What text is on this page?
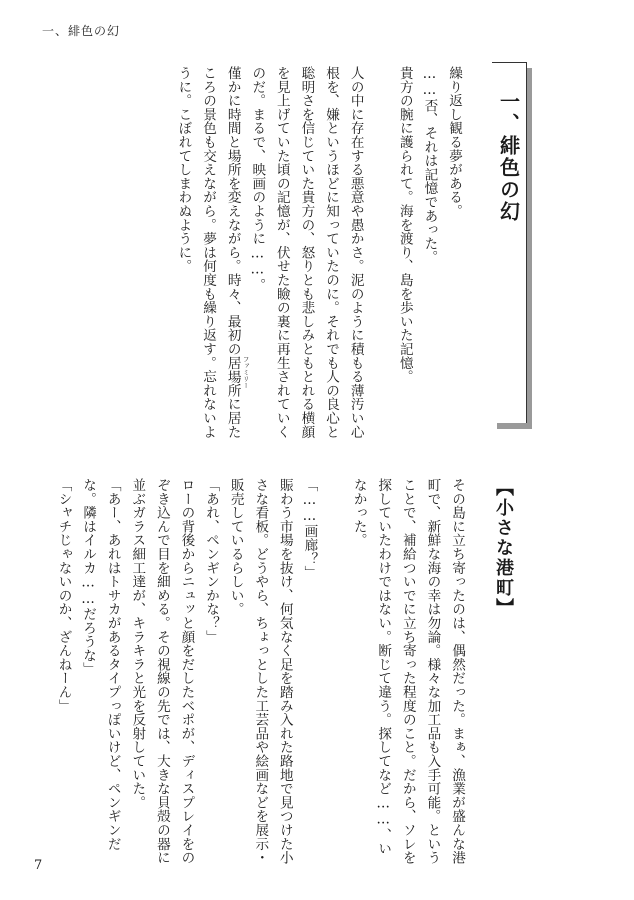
一、緋色の幻
一、緋色の幻

繰り返し観る夢がある。

……否、それは記憶であった。

貴方の腕に護られて。海を渡り、島を歩いた記憶。

人の中に存在する悪意や愚かさ。泥のように積もる薄汚い心根を、嫌というほどに知っていたのに。それでも人の良心と聡明さを信じていた貴方の、怒りとも悲しみともとれる横顔を見上げていた頃の記憶が、伏せた瞼の裏に再生されていくのだ。まるで、映画のように……。

僅かに時間と場所を変えながら。時々、最初の居場所 ファミリー
に居たころの景色も交えながら。夢は何度も繰り返す。忘れないように。こぼれてしまわぬように。

【小さな港町】

その島に立ち寄ったのは、偶然だった。まぁ、漁業が盛んな港町で、新鮮な海の幸は勿論。様々な加工品も入手可能。ということで、補給ついでに立ち寄った程度のこと。だから、ソレを探していたわけではない。断じて違う。探してなど……、いなかった。

「……画廊？」

賑わう市場を抜け、何気なく足を踏み入れた路地で見つけた小さな看板。どうやら、ちょっとした工芸品や絵画などを展示・販売しているらしい。

「あれ、ペンギンかな？」

ローの背後からニュッと顔をだしたベポが、ディスプレイをのぞき込んで目を細める。その視線の先では、大きな貝殻の器に並ぶガラス細工達が、キラキラと光を反射していた。

「あー、あれはトサカがあるタイプっぽいけど、ペンギンだな。隣はイルカ……だろうな」

「シャチじゃないのか、ざんねーん」

7
